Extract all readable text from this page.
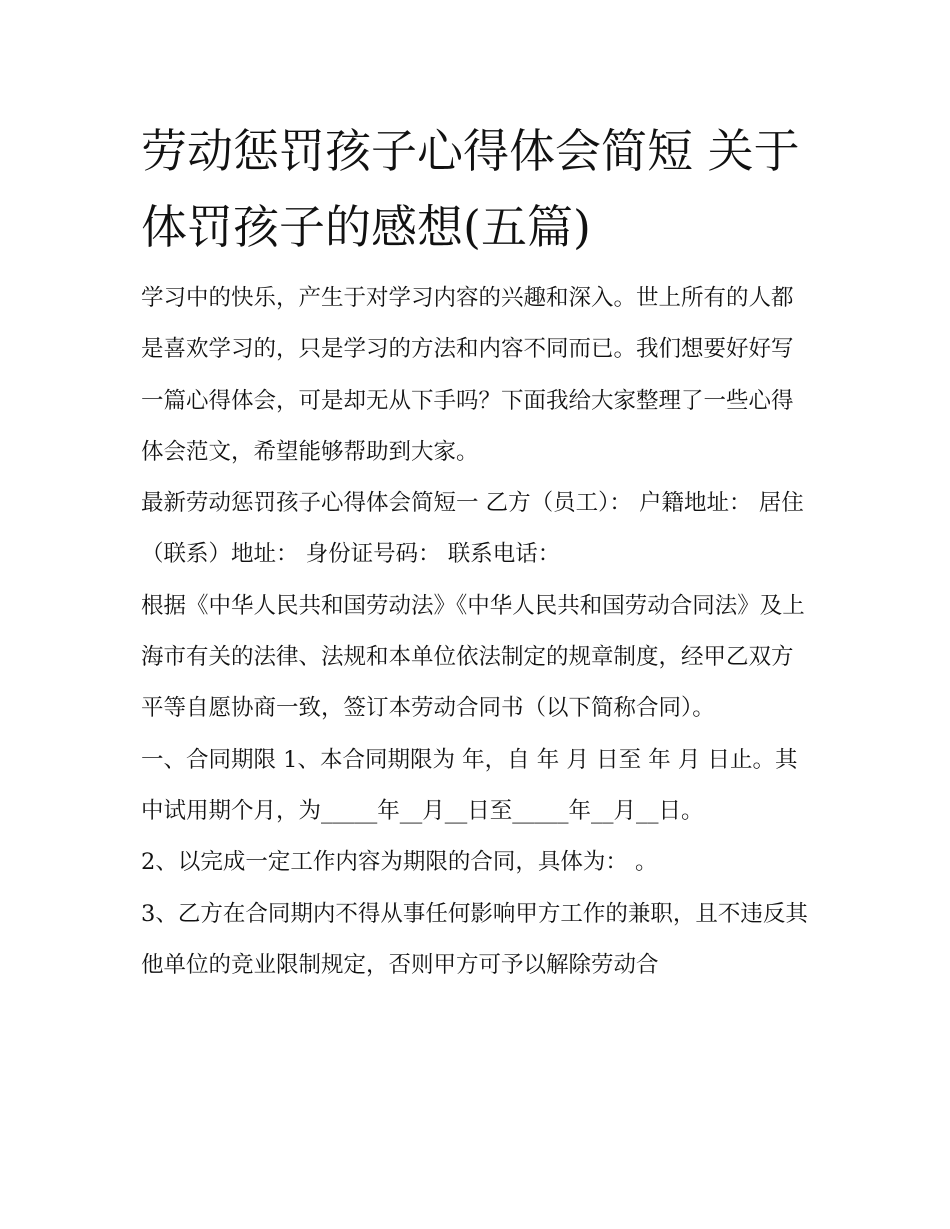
劳动惩罚孩子心得体会简短 关于体罚孩子的感想(五篇)

学习中的快乐，产生于对学习内容的兴趣和深入。世上所有的人都是喜欢学习的，只是学习的方法和内容不同而已。我们想要好好写一篇心得体会，可是却无从下手吗？下面我给大家整理了一些心得体会范文，希望能够帮助到大家。

最新劳动惩罚孩子心得体会简短一 乙方（员工）： 户籍地址： 居住（联系）地址： 身份证号码： 联系电话：

根据《中华人民共和国劳动法》《中华人民共和国劳动合同法》及上海市有关的法律、法规和本单位依法制定的规章制度，经甲乙双方平等自愿协商一致，签订本劳动合同书（以下简称合同）。

一、合同期限 1、本合同期限为 年，自 年 月 日至 年 月 日止。其中试用期个月，为_____年__月__日至_____年__月__日。

2、以完成一定工作内容为期限的合同，具体为： 。

3、乙方在合同期内不得从事任何影响甲方工作的兼职，且不违反其他单位的竞业限制规定，否则甲方可予以解除劳动合
